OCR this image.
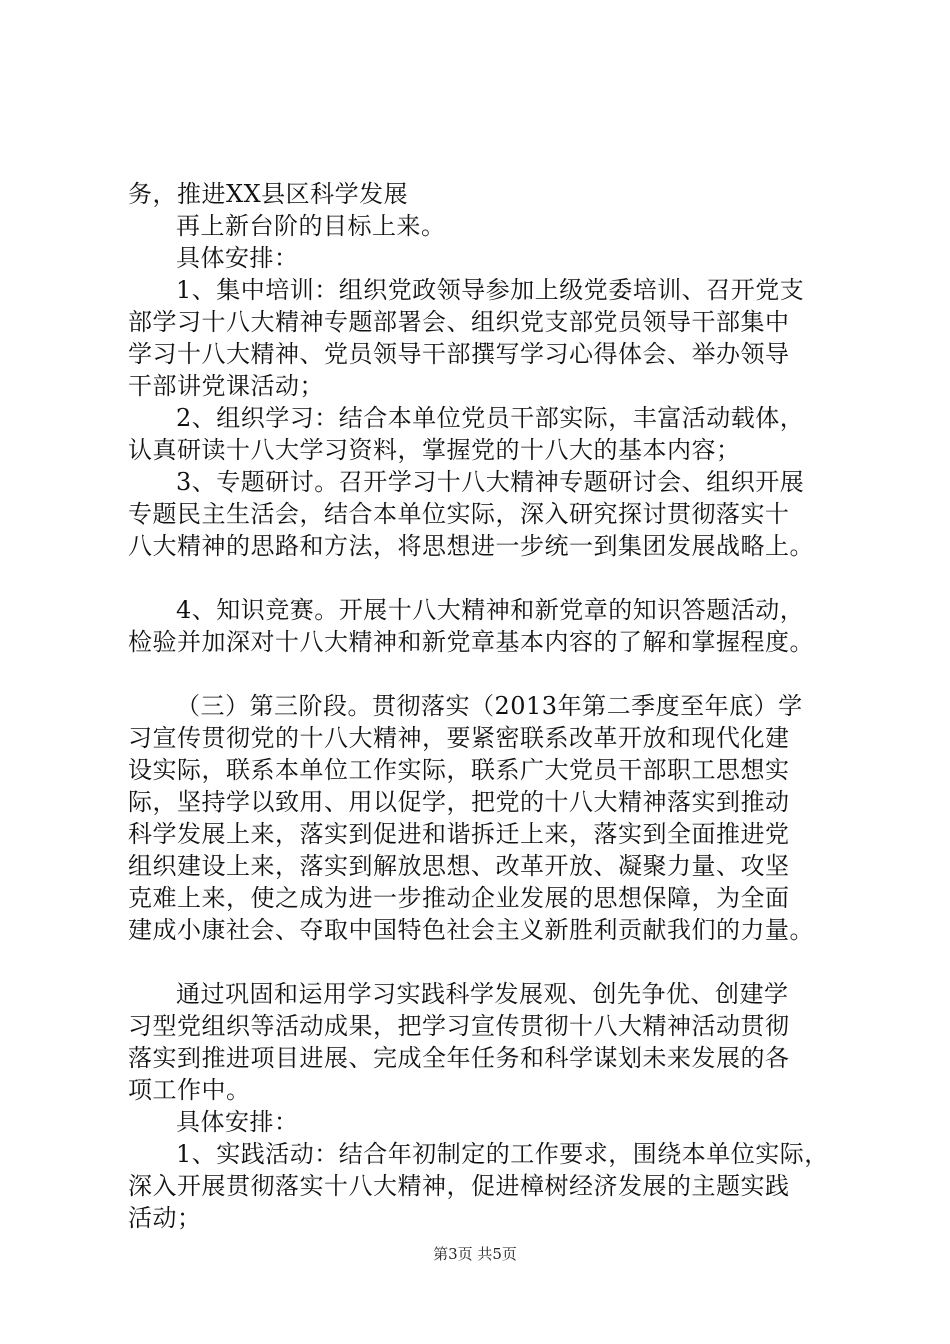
务，推进XX县区科学发展
再上新台阶的目标上来。
具体安排：
1、集中培训：组织党政领导参加上级党委培训、召开党支
部学习十八大精神专题部署会、组织党支部党员领导干部集中
学习十八大精神、党员领导干部撰写学习心得体会、举办领导
干部讲党课活动；
2、组织学习：结合本单位党员干部实际，丰富活动载体，
认真研读十八大学习资料，掌握党的十八大的基本内容；
3、专题研讨。召开学习十八大精神专题研讨会、组织开展
专题民主生活会，结合本单位实际，深入研究探讨贯彻落实十
八大精神的思路和方法，将思想进一步统一到集团发展战略上。
4、知识竞赛。开展十八大精神和新党章的知识答题活动，
检验并加深对十八大精神和新党章基本内容的了解和掌握程度。
（三）第三阶段。贯彻落实（2013年第二季度至年底）学
习宣传贯彻党的十八大精神，要紧密联系改革开放和现代化建
设实际，联系本单位工作实际，联系广大党员干部职工思想实
际，坚持学以致用、用以促学，把党的十八大精神落实到推动
科学发展上来，落实到促进和谐拆迁上来，落实到全面推进党
组织建设上来，落实到解放思想、改革开放、凝聚力量、攻坚
克难上来，使之成为进一步推动企业发展的思想保障，为全面
建成小康社会、夺取中国特色社会主义新胜利贡献我们的力量。
通过巩固和运用学习实践科学发展观、创先争优、创建学
习型党组织等活动成果，把学习宣传贯彻十八大精神活动贯彻
落实到推进项目进展、完成全年任务和科学谋划未来发展的各
项工作中。
具体安排：
1、实践活动：结合年初制定的工作要求，围绕本单位实际，
深入开展贯彻落实十八大精神，促进樟树经济发展的主题实践
活动；
第3页 共5页
